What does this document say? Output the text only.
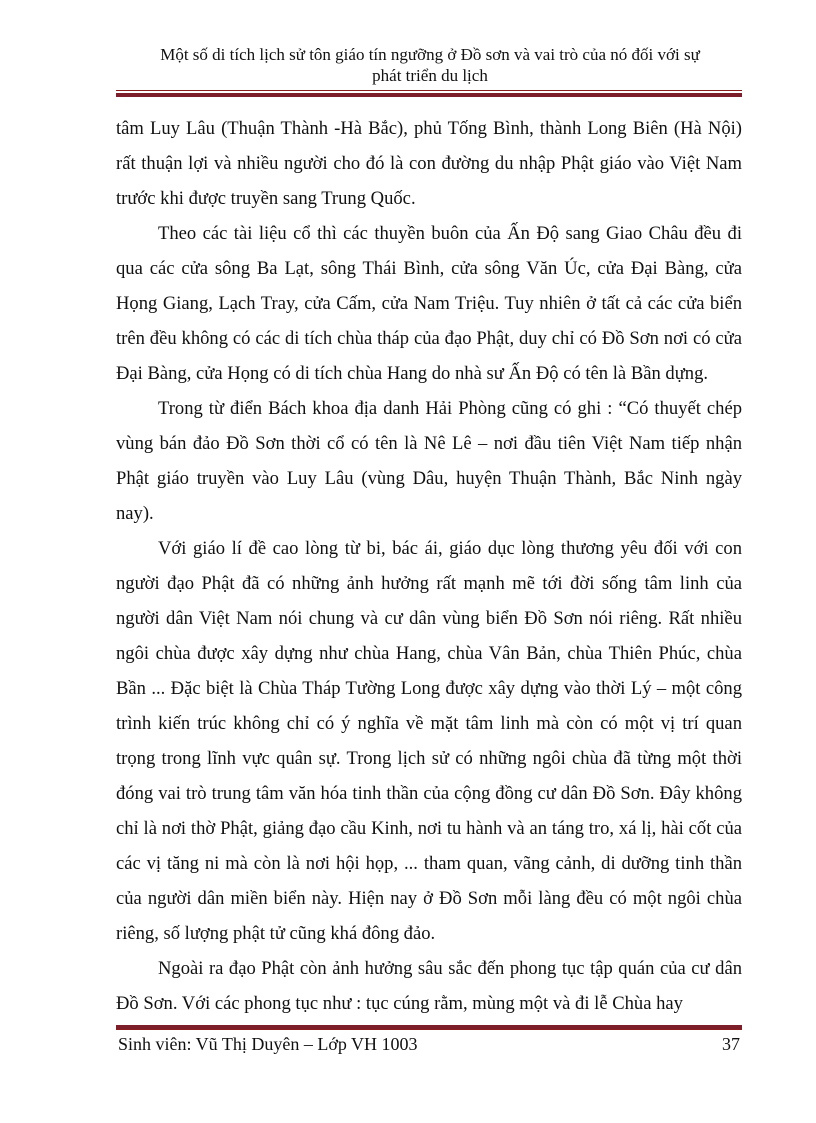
Một số di tích lịch sử tôn giáo tín ngưỡng ở Đồ sơn và vai trò của nó đối với sự
phát triển du lịch

tâm Luy Lâu (Thuận Thành -Hà Bắc), phủ Tống Bình, thành Long Biên (Hà Nội) rất thuận lợi và nhiều người cho đó là con đường du nhập Phật giáo vào Việt Nam trước khi được truyền sang Trung Quốc.

Theo các tài liệu cổ thì các thuyền buôn của Ấn Độ sang Giao Châu đều đi qua các cửa sông Ba Lạt, sông Thái Bình, cửa sông Văn Úc, cửa Đại Bàng, cửa Họng Giang, Lạch Tray, cửa Cấm, cửa Nam Triệu. Tuy nhiên ở tất cả các cửa biển trên đều không có các di tích chùa tháp của đạo Phật, duy chỉ có Đồ Sơn nơi có cửa Đại Bàng, cửa Họng có di tích chùa Hang do nhà sư Ấn Độ có tên là Bần dựng.

Trong từ điển Bách khoa địa danh Hải Phòng cũng có ghi : “Có thuyết chép vùng bán đảo Đồ Sơn thời cổ có tên là Nê Lê – nơi đầu tiên Việt Nam tiếp nhận Phật giáo truyền vào Luy Lâu (vùng Dâu, huyện Thuận Thành, Bắc Ninh ngày nay).

Với giáo lí đề cao lòng từ bi, bác ái, giáo dục lòng thương yêu đối với con người đạo Phật đã có những ảnh hưởng rất mạnh mẽ tới đời sống tâm linh của người dân Việt Nam nói chung và cư dân vùng biển Đồ Sơn nói riêng. Rất nhiều ngôi chùa được xây dựng như chùa Hang, chùa Vân Bản, chùa Thiên Phúc, chùa Bần ... Đặc biệt là Chùa Tháp Tường Long được xây dựng vào thời Lý – một công trình kiến trúc không chỉ có ý nghĩa về mặt tâm linh mà còn có một vị trí quan trọng trong lĩnh vực quân sự. Trong lịch sử có những ngôi chùa đã từng một thời đóng vai trò trung tâm văn hóa tinh thần của cộng đồng cư dân Đồ Sơn. Đây không chỉ là nơi thờ Phật, giảng đạo cầu Kinh, nơi tu hành và an táng tro, xá lị, hài cốt của các vị tăng ni mà còn là nơi hội họp, ... tham quan, vãng cảnh, di dưỡng tinh thần của người dân miền biển này. Hiện nay ở Đồ Sơn mỗi làng đều có một ngôi chùa riêng, số lượng phật tử cũng khá đông đảo.

Ngoài ra đạo Phật còn ảnh hưởng sâu sắc đến phong tục tập quán của cư dân Đồ Sơn. Với các phong tục như : tục cúng rằm, mùng một và đi lễ Chùa hay

Sinh viên: Vũ Thị Duyên – Lớp VH 1003	37
